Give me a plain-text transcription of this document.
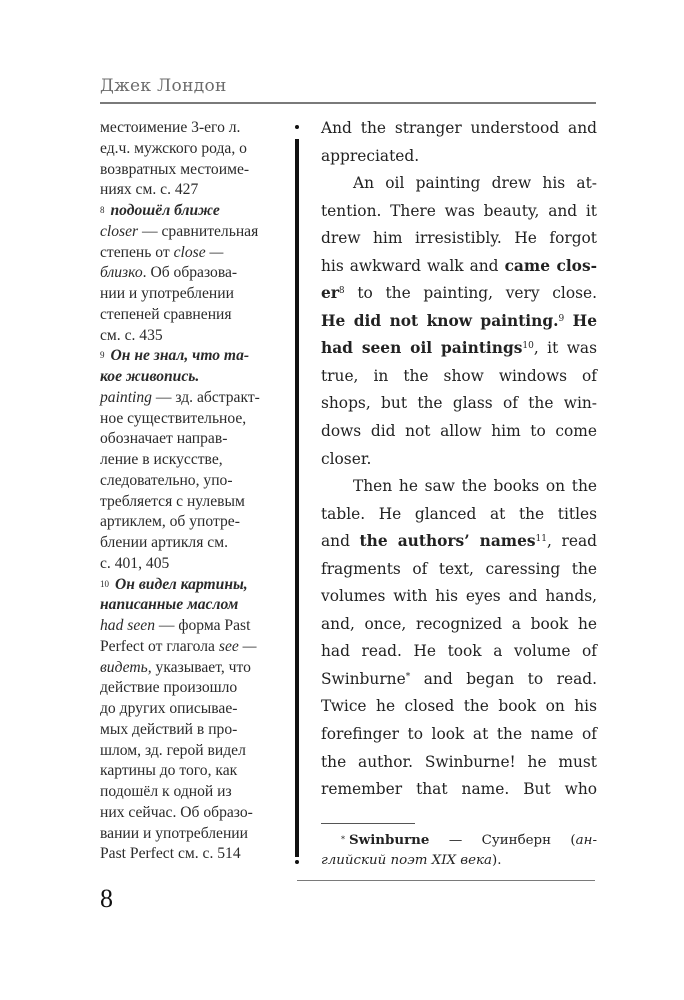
Джек Лондон
местоимение 3-его л.
ед.ч. мужского рода, о
возвратных местоиме-
ниях см. с. 427
$^8$ подошёл ближе
closer — сравнительная
степень от close —
близко. Об образова-
нии и употреблении
степеней сравнения
см. с. 435
$^9$ Он не знал, что та-
кое живопись.
painting — зд. абстракт-
ное существительное,
обозначает направ-
ление в искусстве,
следовательно, упо-
требляется с нулевым
артиклем, об употре-
блении артикля см.
с. 401, 405
$^{10}$ Он видел картины,
написанные маслом
had seen — форма Past
Perfect от глагола see —
видеть, указывает, что
действие произошло
до других описывае-
мых действий в про-
шлом, зд. герой видел
картины до того, как
подошёл к одной из
них сейчас. Об образо-
вании и употреблении
Past Perfect см. с. 514
And the stranger understood and
appreciated.
An oil painting drew his at-
tention. There was beauty, and it
drew him irresistibly. He forgot
his awkward walk and came clos-
$er^8$ to the painting, very close.
He did not know painting.$^9$ He
had seen oil paintings$^{10}$, it was
true, in the show windows of
shops, but the glass of the win-
dows did not allow him to come
closer.
Then he saw the books on the
table. He glanced at the titles
and the authors’ names$^{11}$, read
fragments of text, caressing the
volumes with his eyes and hands,
and, once, recognized a book he
had read. He took a volume of
Swinburne* and began to read.
Twice he closed the book on his
forefinger to look at the name of
the author. Swinburne! he must
remember that name. But who
* Swinburne — Суинберн (ан-
глийский поэт XIX века).
8
